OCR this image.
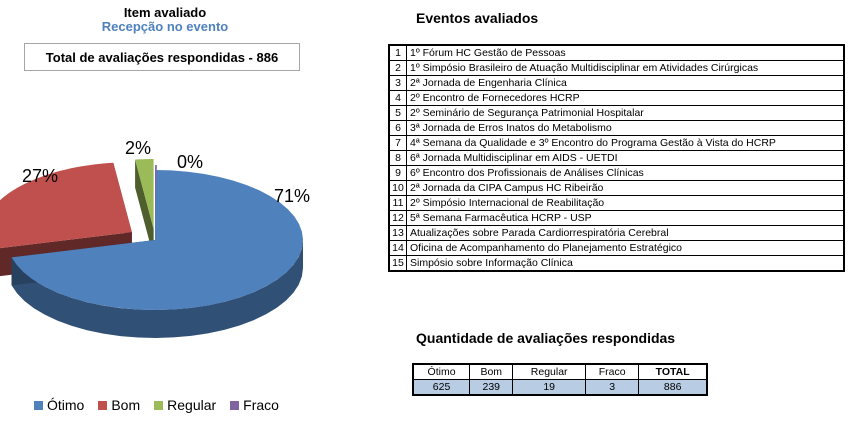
Item avaliado
Recepção no evento
Total de avaliações respondidas - 886
71%
27%
2%
0%
Ótimo Bom Regular Fraco
Eventos avaliados
1	1º Fórum HC Gestão de Pessoas
2	1º Simpósio Brasileiro de Atuação Multidisciplinar em Atividades Cirúrgicas
3	2ª Jornada de Engenharia Clínica
4	2º Encontro de Fornecedores HCRP
5	2º Seminário de Segurança Patrimonial Hospitalar
6	3ª Jornada de Erros Inatos do Metabolismo
7	4ª Semana da Qualidade e 3º Encontro do Programa Gestão à Vista do HCRP
8	6ª Jornada Multidisciplinar em AIDS - UETDI
9	6º Encontro dos Profissionais de Análises Clínicas
10	2ª Jornada da CIPA Campus HC Ribeirão
11	2º Simpósio Internacional de Reabilitação
12	5ª Semana Farmacêutica HCRP - USP
13	Atualizações sobre Parada Cardiorrespiratória Cerebral
14	Oficina de Acompanhamento do Planejamento Estratégico
15	Simpósio sobre Informação Clínica
Quantidade de avaliações respondidas
Ótimo	Bom	Regular	Fraco	TOTAL
625	239	19	3	886
